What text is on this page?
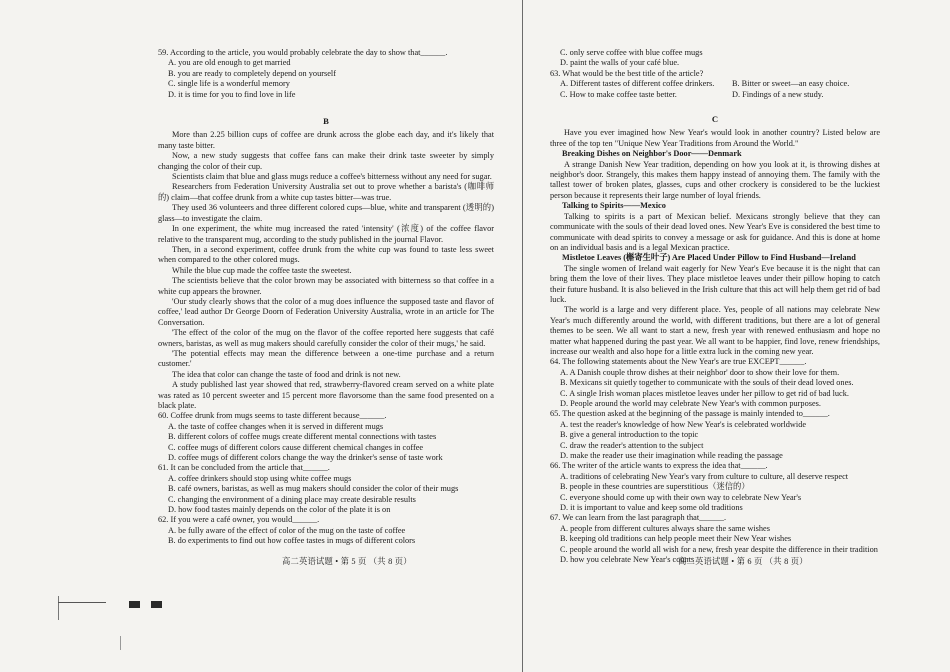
59. According to the article, you would probably celebrate the day to show that______.

A. you are old enough to get married

B. you are ready to completely depend on yourself

C. single life is a wonderful memory

D. it is time for you to find love in life

B

More than 2.25 billion cups of coffee are drunk across the globe each day, and it's likely that many taste bitter.

Now, a new study suggests that coffee fans can make their drink taste sweeter by simply changing the color of their cup.

Scientists claim that blue and glass mugs reduce a coffee's bitterness without any need for sugar.

Researchers from Federation University Australia set out to prove whether a barista's (咖啡师的) claim—that coffee drunk from a white cup tastes bitter—was true.

They used 36 volunteers and three different colored cups—blue, white and transparent (透明的) glass—to investigate the claim.

In one experiment, the white mug increased the rated 'intensity' (浓度) of the coffee flavor relative to the transparent mug, according to the study published in the journal Flavor.

Then, in a second experiment, coffee drunk from the white cup was found to taste less sweet when compared to the other colored mugs.

While the blue cup made the coffee taste the sweetest.

The scientists believe that the color brown may be associated with bitterness so that coffee in a white cup appears the browner.

'Our study clearly shows that the color of a mug does influence the supposed taste and flavor of coffee,' lead author Dr George Doorn of Federation University Australia, wrote in an article for The Conversation.

'The effect of the color of the mug on the flavor of the coffee reported here suggests that café owners, baristas, as well as mug makers should carefully consider the color of their mugs,' he said.

'The potential effects may mean the difference between a one-time purchase and a return customer.'

The idea that color can change the taste of food and drink is not new.

A study published last year showed that red, strawberry-flavored cream served on a white plate was rated as 10 percent sweeter and 15 percent more flavorsome than the same food presented on a black plate.

60. Coffee drunk from mugs seems to taste different because______.

A. the taste of coffee changes when it is served in different mugs

B. different colors of coffee mugs create different mental connections with tastes

C. coffee mugs of different colors cause different chemical changes in coffee

D. coffee mugs of different colors change the way the drinker's sense of taste work

61. It can be concluded from the article that______.

A. coffee drinkers should stop using white coffee mugs

B. café owners, baristas, as well as mug makers should consider the color of their mugs

C. changing the environment of a dining place may create desirable results

D. how food tastes mainly depends on the color of the plate it is on

62. If you were a café owner, you would______.

A. be fully aware of the effect of color of the mug on the taste of coffee

B. do experiments to find out how coffee tastes in mugs of different colors

高二英语试题 • 第 5 页 （共 8 页）

C. only serve coffee with blue coffee mugs

D. paint the walls of your café blue.

63. What would be the best title of the article?

A. Different tastes of different coffee drinkers.	B. Bitter or sweet—an easy choice.
C. How to make coffee taste better.	D. Findings of a new study.

C

Have you ever imagined how New Year's would look in another country? Listed below are three of the top ten "Unique New Year Traditions from Around the World."

Breaking Dishes on Neighbor's Door——Denmark

A strange Danish New Year tradition, depending on how you look at it, is throwing dishes at neighbor's door. Strangely, this makes them happy instead of annoying them. The family with the tallest tower of broken plates, glasses, cups and other crockery is considered to be the luckiest person because it represents their large number of loyal friends.

Talking to Spirits——Mexico

Talking to spirits is a part of Mexican belief. Mexicans strongly believe that they can communicate with the souls of their dead loved ones. New Year's Eve is considered the best time to communicate with dead spirits to convey a message or ask for guidance. And this is done at home on an individual basis and is a legal Mexican practice.

Mistletoe Leaves (槲寄生叶子) Are Placed Under Pillow to Find Husband—Ireland

The single women of Ireland wait eagerly for New Year's Eve because it is the night that can bring them the love of their lives. They place mistletoe leaves under their pillow hoping to catch their future husband. It is also believed in the Irish culture that this act will help them get rid of bad luck.

The world is a large and very different place. Yes, people of all nations may celebrate New Year's much differently around the world, with different traditions, but there are a lot of general themes to be seen. We all want to start a new, fresh year with renewed enthusiasm and hope no matter what happened during the past year. We all want to be happier, find love, renew friendships, increase our wealth and also hope for a little extra luck in the coming new year.

64. The following statements about the New Year's are true EXCEPT______.

A. A Danish couple throw dishes at their neighbor' door to show their love for them.

B. Mexicans sit quietly together to communicate with the souls of their dead loved ones.

C. A single Irish woman places mistletoe leaves under her pillow to get rid of bad luck.

D. People around the world may celebrate New Year's with common purposes.

65. The question asked at the beginning of the passage is mainly intended to______.

A. test the reader's knowledge of how New Year's is celebrated worldwide

B. give a general introduction to the topic

C. draw the reader's attention to the subject

D. make the reader use their imagination while reading the passage

66. The writer of the article wants to express the idea that______.

A. traditions of celebrating New Year's vary from culture to culture, all deserve respect

B. people in these countries are superstitious（迷信的）

C. everyone should come up with their own way to celebrate New Year's

D. it is important to value and keep some old traditions

67. We can learn from the last paragraph that______.

A. people from different cultures always share the same wishes

B. keeping old traditions can help people meet their New Year wishes

C. people around the world all wish for a new, fresh year despite the difference in their tradition

D. how you celebrate New Year's counts

高二英语试题 • 第 6 页 （共 8 页）
